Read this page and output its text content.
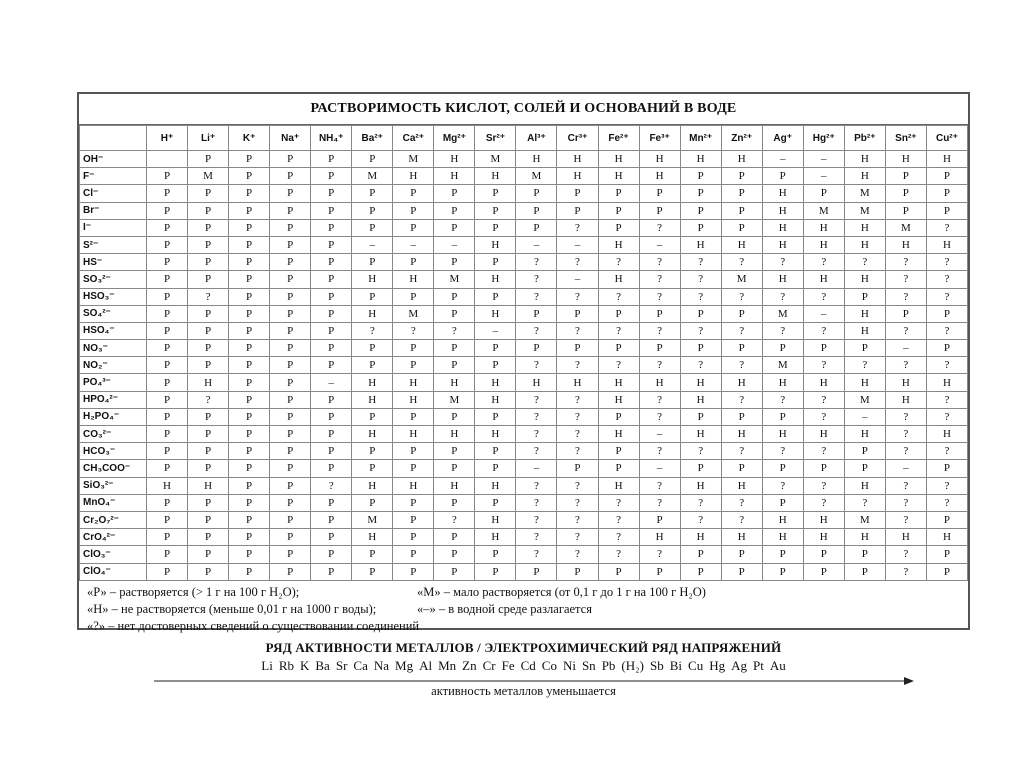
РАСТВОРИМОСТЬ КИСЛОТ, СОЛЕЙ И ОСНОВАНИЙ В ВОДЕ
	H⁺	Li⁺	K⁺	Na⁺	NH₄⁺	Ba²⁺	Ca²⁺	Mg²⁺	Sr²⁺	Al³⁺	Cr³⁺	Fe²⁺	Fe³⁺	Mn²⁺	Zn²⁺	Ag⁺	Hg²⁺	Pb²⁺	Sn²⁺	Cu²⁺
OH⁻		Р	Р	Р	Р	Р	М	Н	М	Н	Н	Н	Н	Н	Н	–	–	Н	Н	Н
F⁻	Р	М	Р	Р	Р	М	Н	Н	Н	М	Н	Н	Н	Р	Р	Р	–	Н	Р	Р
Cl⁻	Р	Р	Р	Р	Р	Р	Р	Р	Р	Р	Р	Р	Р	Р	Р	Н	Р	М	Р	Р
Br⁻	Р	Р	Р	Р	Р	Р	Р	Р	Р	Р	Р	Р	Р	Р	Р	Н	М	М	Р	Р
I⁻	Р	Р	Р	Р	Р	Р	Р	Р	Р	Р	?	Р	?	Р	Р	Н	Н	Н	М	?
S²⁻	Р	Р	Р	Р	Р	–	–	–	Н	–	–	Н	–	Н	Н	Н	Н	Н	Н	Н
HS⁻	Р	Р	Р	Р	Р	Р	Р	Р	Р	?	?	?	?	?	?	?	?	?	?	?
SO₃²⁻	Р	Р	Р	Р	Р	Н	Н	М	Н	?	–	Н	?	?	М	Н	Н	Н	?	?
HSO₃⁻	Р	?	Р	Р	Р	Р	Р	Р	Р	?	?	?	?	?	?	?	?	Р	?	?
SO₄²⁻	Р	Р	Р	Р	Р	Н	М	Р	Н	Р	Р	Р	Р	Р	Р	М	–	Н	Р	Р
HSO₄⁻	Р	Р	Р	Р	Р	?	?	?	–	?	?	?	?	?	?	?	?	Н	?	?
NO₃⁻	Р	Р	Р	Р	Р	Р	Р	Р	Р	Р	Р	Р	Р	Р	Р	Р	Р	Р	–	Р
NO₂⁻	Р	Р	Р	Р	Р	Р	Р	Р	Р	?	?	?	?	?	?	М	?	?	?	?
PO₄³⁻	Р	Н	Р	Р	–	Н	Н	Н	Н	Н	Н	Н	Н	Н	Н	Н	Н	Н	Н	Н
HPO₄²⁻	Р	?	Р	Р	Р	Н	Н	М	Н	?	?	Н	?	Н	?	?	?	М	Н	?
H₂PO₄⁻	Р	Р	Р	Р	Р	Р	Р	Р	Р	?	?	Р	?	Р	Р	Р	?	–	?	?
CO₃²⁻	Р	Р	Р	Р	Р	Н	Н	Н	Н	?	?	Н	–	Н	Н	Н	Н	Н	?	Н
HCO₃⁻	Р	Р	Р	Р	Р	Р	Р	Р	Р	?	?	Р	?	?	?	?	?	Р	?	?
CH₃COO⁻	Р	Р	Р	Р	Р	Р	Р	Р	Р	–	Р	Р	–	Р	Р	Р	Р	Р	–	Р
SiO₃²⁻	Н	Н	Р	Р	?	Н	Н	Н	Н	?	?	Н	?	Н	Н	?	?	Н	?	?
MnO₄⁻	Р	Р	Р	Р	Р	Р	Р	Р	Р	?	?	?	?	?	?	Р	?	?	?	?
Cr₂O₇²⁻	Р	Р	Р	Р	Р	М	Р	?	Н	?	?	?	Р	?	?	Н	Н	М	?	Р
CrO₄²⁻	Р	Р	Р	Р	Р	Н	Р	Р	Н	?	?	?	Н	Н	Н	Н	Н	Н	Н	Н
ClO₃⁻	Р	Р	Р	Р	Р	Р	Р	Р	Р	?	?	?	?	Р	Р	Р	Р	Р	?	Р
ClO₄⁻	Р	Р	Р	Р	Р	Р	Р	Р	Р	Р	Р	Р	Р	Р	Р	Р	Р	Р	?	Р
«Р» – растворяется (> 1 г на 100 г H₂O);	«М» – мало растворяется (от 0,1 г до 1 г на 100 г H₂O)
«Н» – не растворяется (меньше 0,01 г на 1000 г воды);	«–» – в водной среде разлагается
«?» – нет достоверных сведений о существовании соединений
РЯД АКТИВНОСТИ МЕТАЛЛОВ / ЭЛЕКТРОХИМИЧЕСКИЙ РЯД НАПРЯЖЕНИЙ
Li Rb K Ba Sr Ca Na Mg Al Mn Zn Cr Fe Cd Co Ni Sn Pb (H₂) Sb Bi Cu Hg Ag Pt Au
активность металлов уменьшается
